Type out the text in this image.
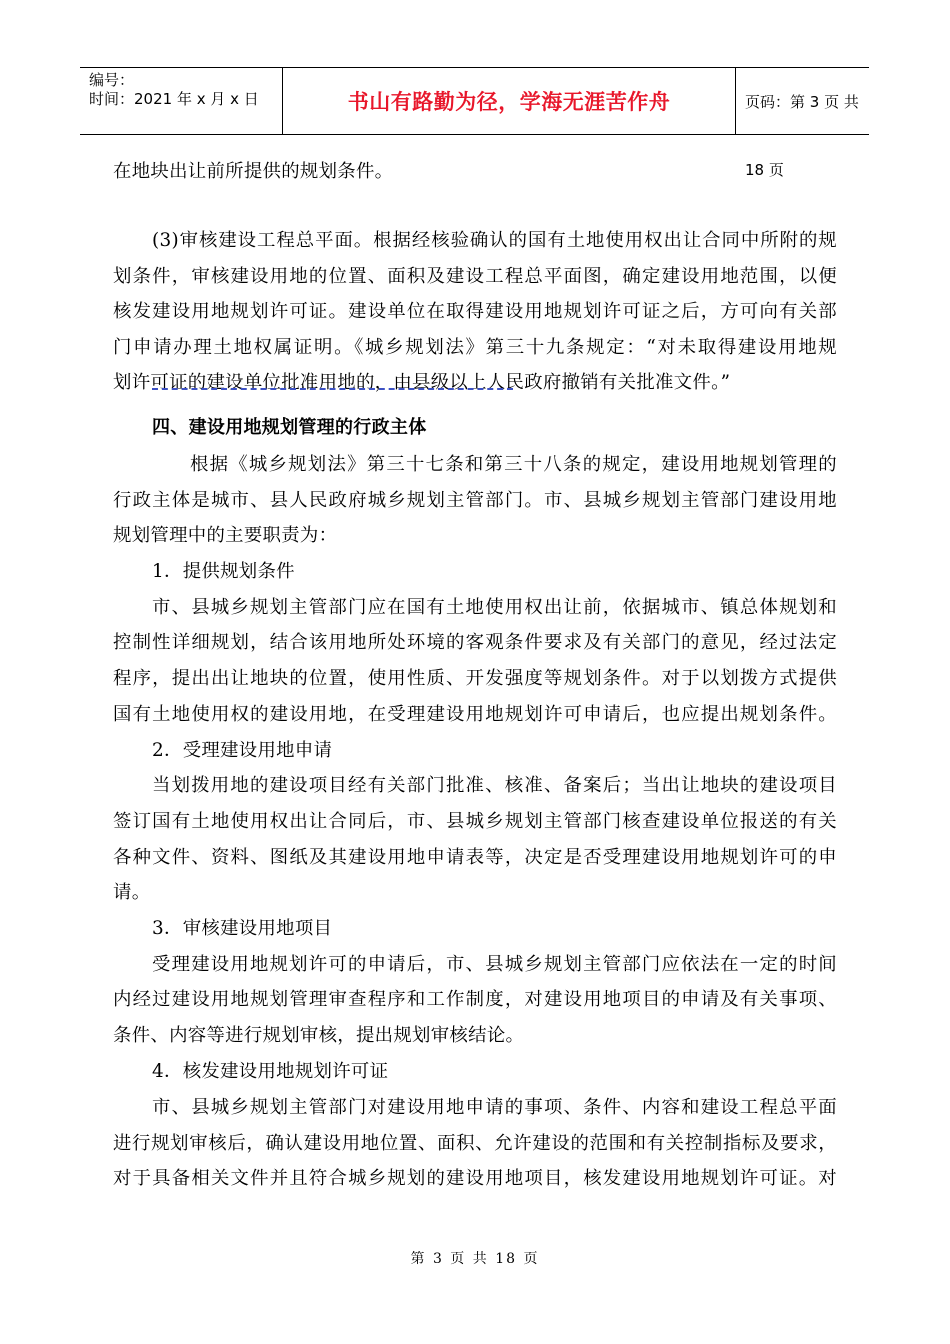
编号：
时间：2021 年 x 月 x 日	书山有路勤为径，学海无涯苦作舟	页码：第 3 页 共 18 页
在地块出让前所提供的规划条件。
(3)审核建设工程总平面。根据经核验确认的国有土地使用权出让合同中所附的规
划条件，审核建设用地的位置、面积及建设工程总平面图，确定建设用地范围，以便
核发建设用地规划许可证。建设单位在取得建设用地规划许可证之后，方可向有关部
门申请办理土地权属证明。《城乡规划法》第三十九条规定：“对未取得建设用地规
划许可证的建设单位批准用地的，由县级以上人民政府撤销有关批准文件。”
四、建设用地规划管理的行政主体
根据《城乡规划法》第三十七条和第三十八条的规定，建设用地规划管理的
行政主体是城市、县人民政府城乡规划主管部门。市、县城乡规划主管部门建设用地
规划管理中的主要职责为：
1．提供规划条件
市、县城乡规划主管部门应在国有土地使用权出让前，依据城市、镇总体规划和
控制性详细规划，结合该用地所处环境的客观条件要求及有关部门的意见，经过法定
程序，提出出让地块的位置，使用性质、开发强度等规划条件。对于以划拨方式提供
国有土地使用权的建设用地，在受理建设用地规划许可申请后，也应提出规划条件。
2．受理建设用地申请
当划拨用地的建设项目经有关部门批准、核准、备案后；当出让地块的建设项目
签订国有土地使用权出让合同后，市、县城乡规划主管部门核查建设单位报送的有关
各种文件、资料、图纸及其建设用地申请表等，决定是否受理建设用地规划许可的申
请。
3．审核建设用地项目
受理建设用地规划许可的申请后，市、县城乡规划主管部门应依法在一定的时间
内经过建设用地规划管理审查程序和工作制度，对建设用地项目的申请及有关事项、
条件、内容等进行规划审核，提出规划审核结论。
4．核发建设用地规划许可证
市、县城乡规划主管部门对建设用地申请的事项、条件、内容和建设工程总平面
进行规划审核后，确认建设用地位置、面积、允许建设的范围和有关控制指标及要求，
对于具备相关文件并且符合城乡规划的建设用地项目，核发建设用地规划许可证。对
第 3 页 共 18 页
